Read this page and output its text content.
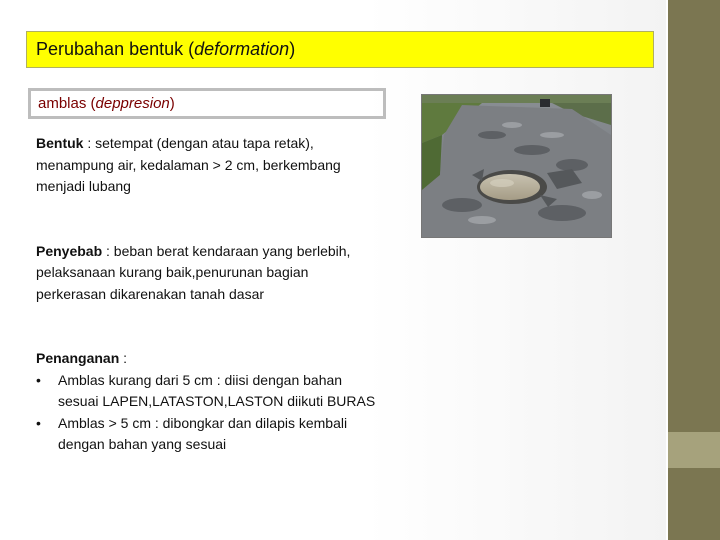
Perubahan bentuk (deformation)
amblas (deppresion)

Bentuk : setempat (dengan atau tapa retak), menampung air, kedalaman > 2 cm, berkembang menjadi lubang

Penyebab : beban berat kendaraan yang berlebih, pelaksanaan kurang baik,penurunan bagian perkerasan dikarenakan tanah dasar

Penanganan :

• Amblas kurang dari 5 cm : diisi dengan bahan sesuai LAPEN,LATASTON,LASTON diikuti BURAS
• Amblas > 5 cm : dibongkar dan dilapis kembali dengan bahan yang sesuai
